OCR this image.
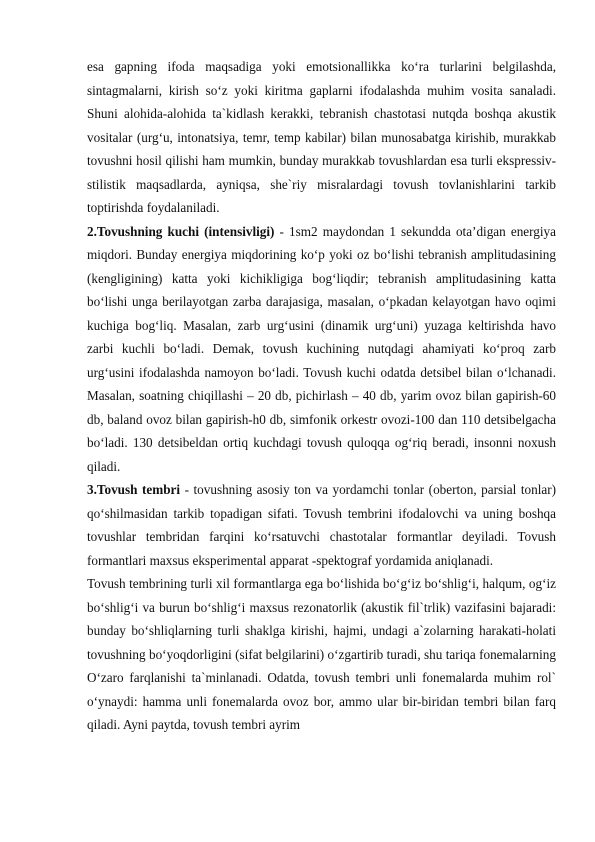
esa gapning ifoda maqsadiga yoki emotsionallikka ko‘ra turlarini belgilashda, sintagmalarni, kirish so‘z yoki kiritma gaplarni ifodalashda muhim vosita sanaladi. Shuni alohida-alohida ta`kidlash kerakki, tebranish chastotasi nutqda boshqa akustik vositalar (urg‘u, intonatsiya, temr, temp kabilar) bilan munosabatga kirishib, murakkab tovushni hosil qilishi ham mumkin, bunday murakkab tovushlardan esa turli ekspressiv-stilistik maqsadlarda, ayniqsa, she`riy misralardagi tovush tovlanishlarini tarkib toptirishda foydalaniladi.

2.Tovushning kuchi (intensivligi) - 1sm2 maydondan 1 sekundda ota’digan energiya miqdori. Bunday energiya miqdorining ko‘p yoki oz bo‘lishi tebranish amplitudasining (kengligining) katta yoki kichikligiga bog‘liqdir; tebranish amplitudasining katta bo‘lishi unga berilayotgan zarba darajasiga, masalan, o‘pkadan kelayotgan havo oqimi kuchiga bog‘liq. Masalan, zarb urg‘usini (dinamik urg‘uni) yuzaga keltirishda havo zarbi kuchli bo‘ladi. Demak, tovush kuchining nutqdagi ahamiyati ko‘proq zarb urg‘usini ifodalashda namoyon bo‘ladi. Tovush kuchi odatda detsibel bilan o‘lchanadi. Masalan, soatning chiqillashi – 20 db, pichirlash – 40 db, yarim ovoz bilan gapirish-60 db, baland ovoz bilan gapirish-h0 db, simfonik orkestr ovozi-100 dan 110 detsibelgacha bo‘ladi. 130 detsibeldan ortiq kuchdagi tovush quloqqa og‘riq beradi, insonni noxush qiladi.

3.Tovush tembri - tovushning asosiy ton va yordamchi tonlar (oberton, parsial tonlar) qo‘shilmasidan tarkib topadigan sifati. Tovush tembrini ifodalovchi va uning boshqa tovushlar tembridan farqini ko‘rsatuvchi chastotalar formantlar deyiladi. Tovush formantlari maxsus eksperimental apparat -spektograf yordamida aniqlanadi.

Tovush tembrining turli xil formantlarga ega bo‘lishida bo‘g‘iz bo‘shlig‘i, halqum, og‘iz bo‘shlig‘i va burun bo‘shlig‘i maxsus rezonatorlik (akustik fil`trlik) vazifasini bajaradi: bunday bo‘shliqlarning turli shaklga kirishi, hajmi, undagi a`zolarning harakati-holati tovushning bo‘yoqdorligini (sifat belgilarini) o‘zgartirib turadi, shu tariqa fonemalarning O‘zaro farqlanishi ta`minlanadi. Odatda, tovush tembri unli fonemalarda muhim rol` o‘ynaydi: hamma unli fonemalarda ovoz bor, ammo ular bir-biridan tembri bilan farq qiladi. Ayni paytda, tovush tembri ayrim
